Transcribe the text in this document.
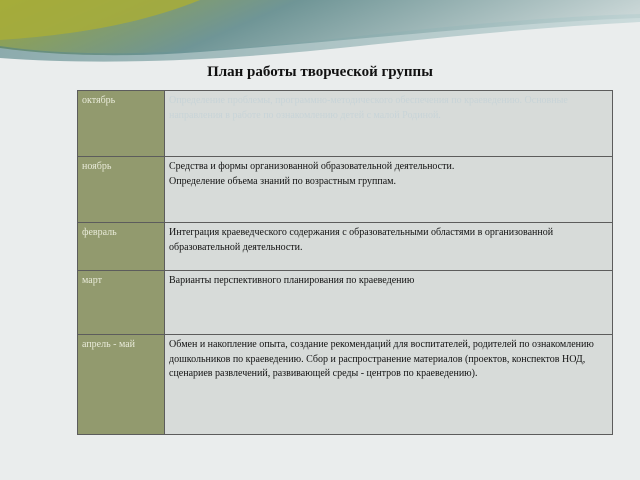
План работы творческой группы
октябрь	Определение проблемы, программно-методического обеспечения по краеведению. Основные направления в работе по ознакомлению детей с малой Родиной.

ноябрь	Средства и формы организованной образовательной деятельности.
Определение объема знаний по возрастным группам.

февраль	Интеграция краеведческого содержания с образовательными областями в организованной образовательной деятельности.

март	Варианты перспективного планирования по краеведению

апрель - май	Обмен и накопление опыта, создание рекомендаций для воспитателей, родителей по ознакомлению дошкольников по краеведению. Сбор и распространение материалов (проектов, конспектов НОД, сценариев развлечений, развивающей среды - центров по краеведению).
